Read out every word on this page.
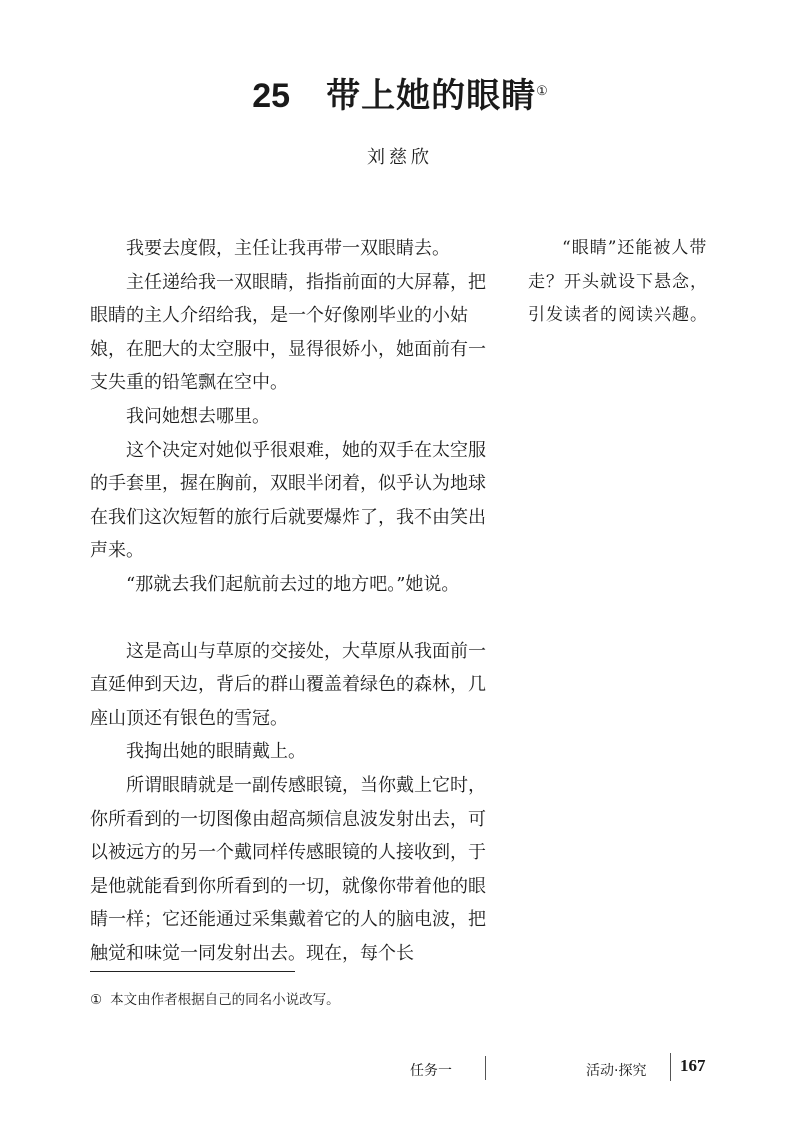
25 带上她的眼睛①
刘慈欣

我要去度假，主任让我再带一双眼睛去。

主任递给我一双眼睛，指指前面的大屏幕，把眼睛的主人介绍给我，是一个好像刚毕业的小姑娘，在肥大的太空服中，显得很娇小，她面前有一支失重的铅笔飘在空中。

我问她想去哪里。

这个决定对她似乎很艰难，她的双手在太空服的手套里，握在胸前，双眼半闭着，似乎认为地球在我们这次短暂的旅行后就要爆炸了，我不由笑出声来。

“那就去我们起航前去过的地方吧。”她说。

这是高山与草原的交接处，大草原从我面前一直延伸到天边，背后的群山覆盖着绿色的森林，几座山顶还有银色的雪冠。

我掏出她的眼睛戴上。

所谓眼睛就是一副传感眼镜，当你戴上它时，你所看到的一切图像由超高频信息波发射出去，可以被远方的另一个戴同样传感眼镜的人接收到，于是他就能看到你所看到的一切，就像你带着他的眼睛一样；它还能通过采集戴着它的人的脑电波，把触觉和味觉一同发射出去。现在，每个长

“眼睛”还能被人带走？开头就设下悬念，引发读者的阅读兴趣。

① 本文由作者根据自己的同名小说改写。
任务一	活动·探究 167
